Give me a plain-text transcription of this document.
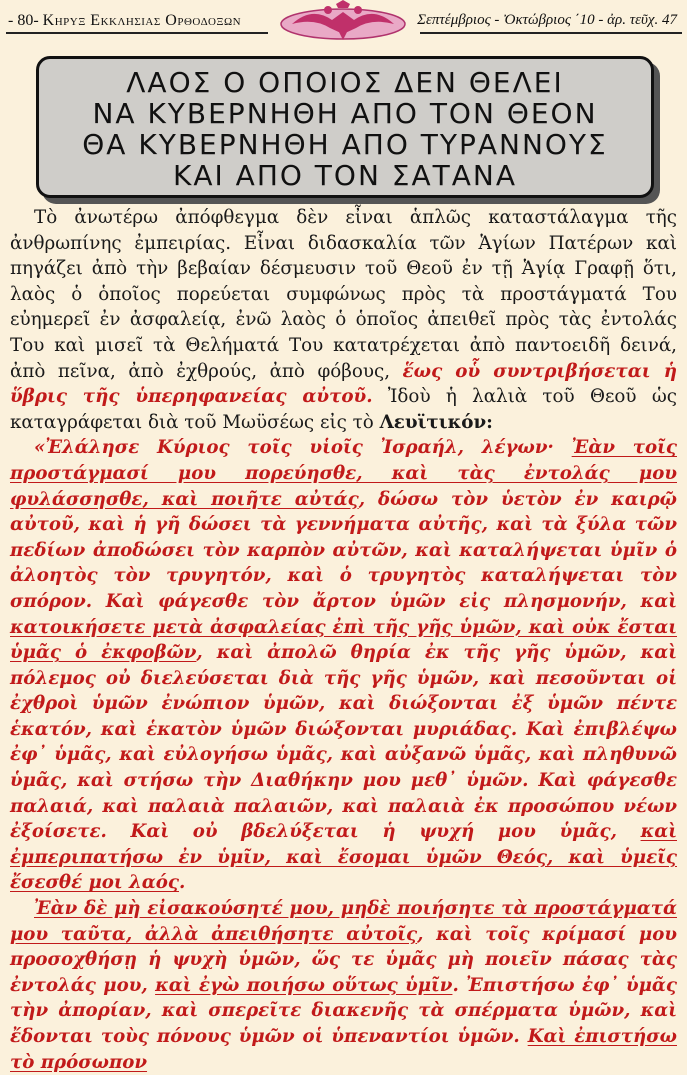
- 80- Κηρυξ Εκκλησιασ Ορθοδοξων	Σεπτέμβριος - Ὀκτώβριος ΄10 - ἀρ. τεῦχ. 47
ΛΑΟΣ Ο ΟΠΟΙΟΣ ΔΕΝ ΘΕΛΕΙ
ΝΑ ΚΥΒΕΡΝΗΘΗ ΑΠΟ ΤΟΝ ΘΕΟΝ
ΘΑ ΚΥΒΕΡΝΗΘΗ ΑΠΟ ΤΥΡΑΝΝΟΥΣ
ΚΑΙ ΑΠΟ ΤΟΝ ΣΑΤΑΝΑ

Τὸ ἀνωτέρω ἀπόφθεγμα δὲν εἶναι ἁπλῶς καταστάλαγμα τῆς ἀνθρωπίνης ἐμπειρίας. Εἶναι διδασκαλία τῶν Ἁγίων Πατέρων καὶ πηγάζει ἀπὸ τὴν βεβαίαν δέσμευσιν τοῦ Θεοῦ ἐν τῇ Ἁγίᾳ Γραφῇ ὅτι, λαὸς ὁ ὁποῖος πορεύεται συμφώνως πρὸς τὰ προστάγματά Του εὐημερεῖ ἐν ἀσφαλείᾳ, ἐνῶ λαὸς ὁ ὁποῖος ἀπειθεῖ πρὸς τὰς ἐντολάς Του καὶ μισεῖ τὰ Θελήματά Του κατατρέχεται ἀπὸ παντοειδῆ δεινά, ἀπὸ πεῖνα, ἀπὸ ἐχθρούς, ἀπὸ φόβους, ἕως οὗ συντριβήσεται ἡ ὕβρις τῆς ὑπερηφανείας αὐτοῦ. Ἰδοὺ ἡ λαλιὰ τοῦ Θεοῦ ὡς καταγράφεται διὰ τοῦ Μωϋσέως εἰς τὸ Λευϊτικόν:

«Ἐλάλησε Κύριος τοῖς υἱοῖς Ἰσραήλ, λέγων· Ἐὰν τοῖς προστάγμασί μου πορεύησθε, καὶ τὰς ἐντολάς μου φυλάσσησθε, καὶ ποιῆτε αὐτάς, δώσω τὸν ὑετὸν ἐν καιρῷ αὐτοῦ, καὶ ἡ γῆ δώσει τὰ γεννήματα αὐτῆς, καὶ τὰ ξύλα τῶν πεδίων ἀποδώσει τὸν καρπὸν αὐτῶν, καὶ καταλήψεται ὑμῖν ὁ ἀλοητὸς τὸν τρυγητόν, καὶ ὁ τρυγητὸς καταλήψεται τὸν σπόρον. Καὶ φάγεσθε τὸν ἄρτον ὑμῶν εἰς πλησμονήν, καὶ κατοικήσετε μετὰ ἀσφαλείας ἐπὶ τῆς γῆς ὑμῶν, καὶ οὐκ ἔσται ὑμᾶς ὁ ἐκφοβῶν, καὶ ἀπολῶ θηρία ἐκ τῆς γῆς ὑμῶν, καὶ πόλεμος οὐ διελεύσεται διὰ τῆς γῆς ὑμῶν, καὶ πεσοῦνται οἱ ἐχθροὶ ὑμῶν ἐνώπιον ὑμῶν, καὶ διώξονται ἐξ ὑμῶν πέντε ἑκατόν, καὶ ἑκατὸν ὑμῶν διώξονται μυριάδας. Καὶ ἐπιβλέψω ἐφ᾽ ὑμᾶς, καὶ εὐλογήσω ὑμᾶς, καὶ αὐξανῶ ὑμᾶς, καὶ πληθυνῶ ὑμᾶς, καὶ στήσω τὴν Διαθήκην μου μεθ᾽ ὑμῶν. Καὶ φάγεσθε παλαιά, καὶ παλαιὰ παλαιῶν, καὶ παλαιὰ ἐκ προσώπου νέων ἐξοίσετε. Καὶ οὐ βδελύξεται ἡ ψυχή μου ὑμᾶς, καὶ ἐμπεριπατήσω ἐν ὑμῖν, καὶ ἔσομαι ὑμῶν Θεός, καὶ ὑμεῖς ἔσεσθέ μοι λαός.

Ἐὰν δὲ μὴ εἰσακούσητέ μου, μηδὲ ποιήσητε τὰ προστάγματά μου ταῦτα, ἀλλὰ ἀπειθήσητε αὐτοῖς, καὶ τοῖς κρίμασί μου προσοχθήσῃ ἡ ψυχὴ ὑμῶν, ὥς τε ὑμᾶς μὴ ποιεῖν πάσας τὰς ἐντολάς μου, καὶ ἐγὼ ποιήσω οὕτως ὑμῖν. Ἐπιστήσω ἐφ᾽ ὑμᾶς τὴν ἀπορίαν, καὶ σπερεῖτε διακενῆς τὰ σπέρματα ὑμῶν, καὶ ἔδονται τοὺς πόνους ὑμῶν οἱ ὑπεναντίοι ὑμῶν. Καὶ ἐπιστήσω τὸ πρόσωπον
